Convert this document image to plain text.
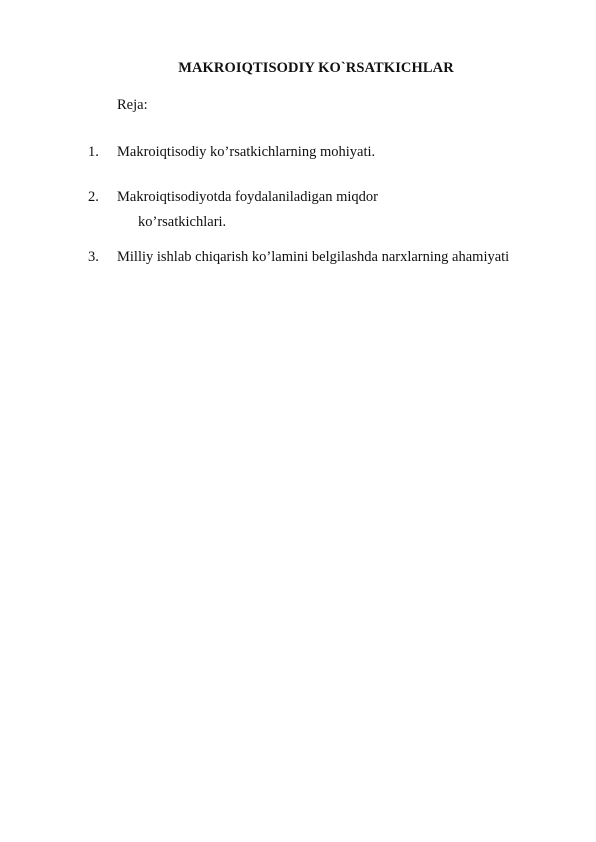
MAKROIQTISODIY KO`RSATKICHLAR
Reja:
1. Makroiqtisodiy ko’rsatkichlarning mohiyati.
2. Makroiqtisodiyotda foydalaniladigan miqdor
ko’rsatkichlari.
3. Milliy ishlab chiqarish ko’lamini belgilashda narxlarning ahamiyati
